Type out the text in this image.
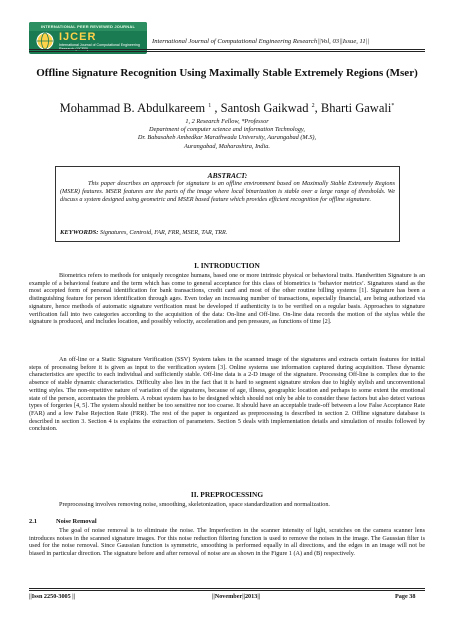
INTERNATIONAL PEER REVIEWED JOURNAL
IJCER
International Journal of Computational Engineering Research (IJCER)
International Journal of Computational Engineering Research||Vol, 03||Issue, 11||
Offline Signature Recognition Using Maximally Stable Extremely Regions (Mser)
Mohammad B. Abdulkareem $^1$ , Santosh Gaikwad $^2$, Bharti Gawali*
1, 2 Research Fellow, *Professor
Department of computer science and information Technology,
Dr. Babasaheb Ambedkar Marathwada University, Aurangabad (M.S),
Aurangabad, Maharashtra, India.
ABSTRACT:
This paper describes an approach for signature is an offline environment based on Maximally Stable Extremely Regions (MSER) features. MSER features are the parts of the image where local binarization is stable over a large range of thresholds. We discuss a system designed using geometric and MSER based feature which provides efficient recognition for offline signature.
KEYWORDS: Signatures, Centroid, FAR, FRR, MSER, TAR, TRR.
I. INTRODUCTION
Biometrics refers to methods for uniquely recognize humans, based one or more intrinsic physical or behavioral traits. Handwritten Signature is an example of a behavioral feature and the term which has come to general acceptance for this class of biometrics is ‘behavior metrics’. Signatures stand as the most accepted form of personal identification for bank transactions, credit card and most of the other routine billing systems [1]. Signature has been a distinguishing feature for person identification through ages. Even today an increasing number of transactions, especially financial, are being authorized via signature, hence methods of automatic signature verification must be developed if authenticity is to be verified on a regular basis. Approaches to signature verification fall into two categories according to the acquisition of the data: On-line and Off-line. On-line data records the motion of the stylus while the signature is produced, and includes location, and possibly velocity, acceleration and pen pressure, as functions of time [2].
An off-line or a Static Signature Verification (SSV) System takes in the scanned image of the signatures and extracts certain features for initial steps of processing before it is given as input to the verification system [3]. Online systems use information captured during acquisition. These dynamic characteristics are specific to each individual and sufficiently stable. Off-line data is a 2-D image of the signature. Processing Off-line is complex due to the absence of stable dynamic characteristics. Difficulty also lies in the fact that it is hard to segment signature strokes due to highly stylish and unconventional writing styles. The non-repetitive nature of variation of the signatures, because of age, illness, geographic location and perhaps to some extent the emotional state of the person, accentuates the problem. A robust system has to be designed which should not only be able to consider these factors but also detect various types of forgeries [4, 5]. The system should neither be too sensitive nor too coarse. It should have an acceptable trade-off between a low False Acceptance Rate (FAR) and a low False Rejection Rate (FRR). The rest of the paper is organized as preprocessing is described in section 2. Offline signature database is described in section 3. Section 4 is explains the extraction of parameters. Section 5 deals with implementation details and simulation of results followed by conclusion.
II. PREPROCESSING
Preprocessing involves removing noise, smoothing, skeletonization, space standardization and normalization.
2.1	Noise Removal
The goal of noise removal is to eliminate the noise. The Imperfection in the scanner intensity of light, scratches on the camera scanner lens introduces noises in the scanned signature images. For this noise reduction filtering function is used to remove the noises in the image. The Gaussian filter is used for the noise removal. Since Gaussian function is symmetric, smoothing is performed equally in all directions, and the edges in an image will not be biased in particular direction. The signature before and after removal of noise are as shown in the Figure 1 (A) and (B) respectively.
||Issn 2250-3005 ||	||November||2013||	Page 38
